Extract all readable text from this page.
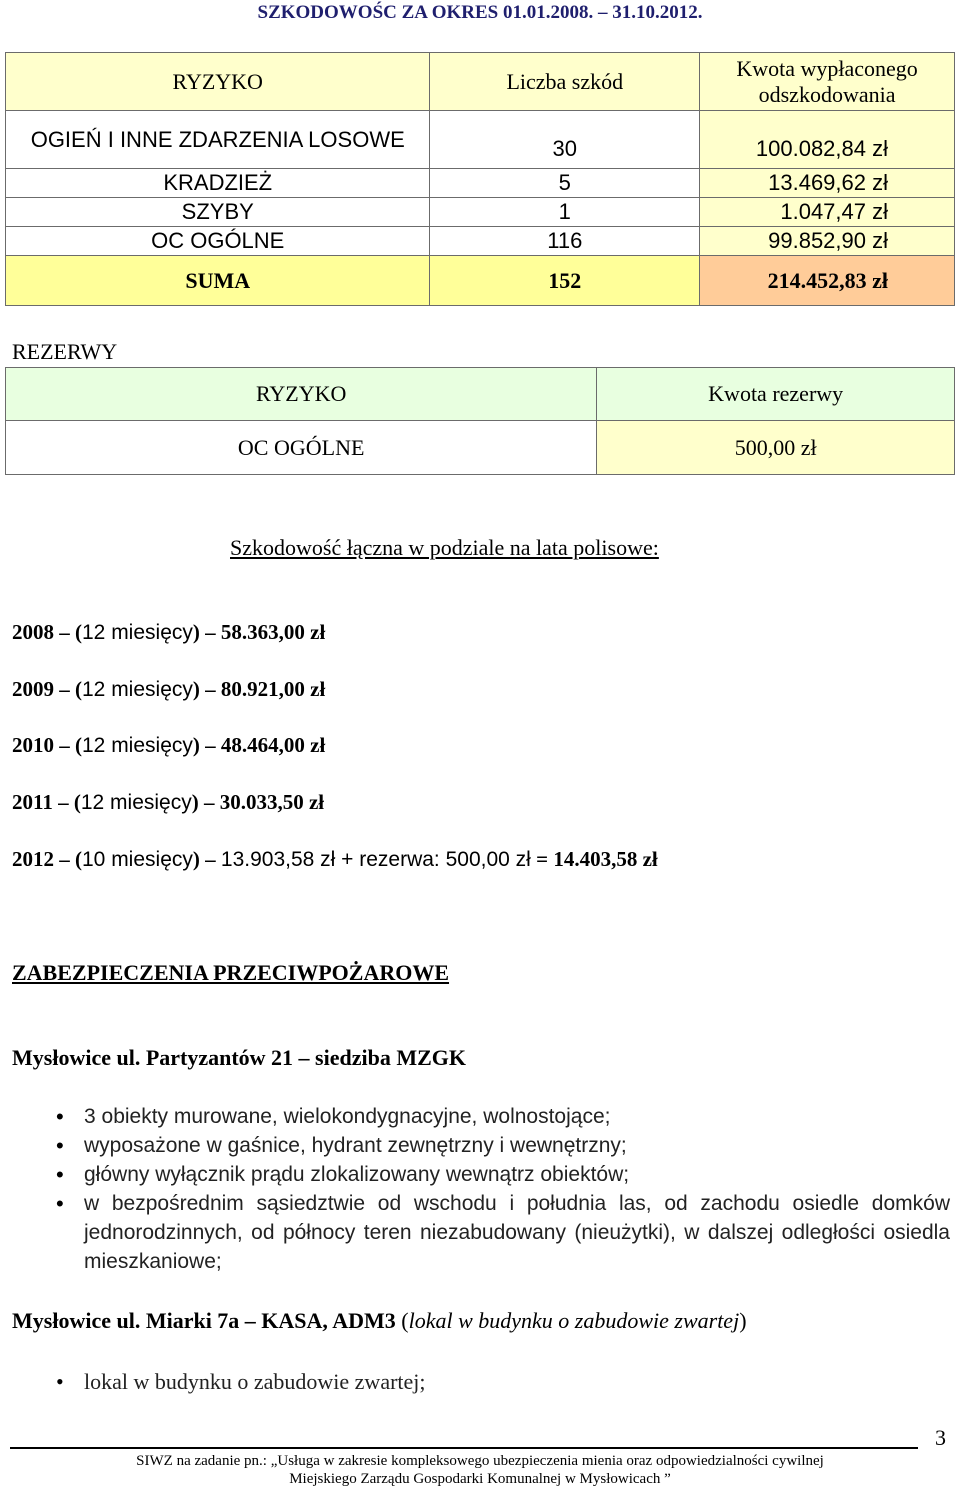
SZKODOWOŚC ZA OKRES 01.01.2008. – 31.10.2012.
RYZYKO	Liczba szkód	Kwota wypłaconego odszkodowania
OGIEŃ I INNE ZDARZENIA LOSOWE	30	100.082,84 zł
KRADZIEŻ	5	13.469,62 zł
SZYBY	1	1.047,47 zł
OC OGÓLNE	116	99.852,90 zł
SUMA	152	214.452,83 zł
REZERWY
RYZYKO	Kwota rezerwy
OC OGÓLNE	500,00 zł
Szkodowość łączna w podziale na lata polisowe:
2008 – (12 miesięcy) – 58.363,00 zł
2009 – (12 miesięcy) – 80.921,00 zł
2010 – (12 miesięcy) – 48.464,00 zł
2011 – (12 miesięcy) – 30.033,50 zł
2012 – (10 miesięcy) – 13.903,58 zł + rezerwa: 500,00 zł = 14.403,58 zł
ZABEZPIECZENIA PRZECIWPOŻAROWE
Mysłowice ul. Partyzantów 21 – siedziba MZGK
• 3 obiekty murowane, wielokondygnacyjne, wolnostojące;
• wyposażone w gaśnice, hydrant zewnętrzny i wewnętrzny;
• główny wyłącznik prądu zlokalizowany wewnątrz obiektów;
• w bezpośrednim sąsiedztwie od wschodu i południa las, od zachodu osiedle domków jednorodzinnych, od północy teren niezabudowany (nieużytki), w dalszej odległości osiedla mieszkaniowe;
Mysłowice ul. Miarki 7a – KASA, ADM3 (lokal w budynku o zabudowie zwartej)
• lokal w budynku o zabudowie zwartej;
3
SIWZ na zadanie pn.: „Usługa w zakresie kompleksowego ubezpieczenia mienia oraz odpowiedzialności cywilnej
Miejskiego Zarządu Gospodarki Komunalnej w Mysłowicach ”
